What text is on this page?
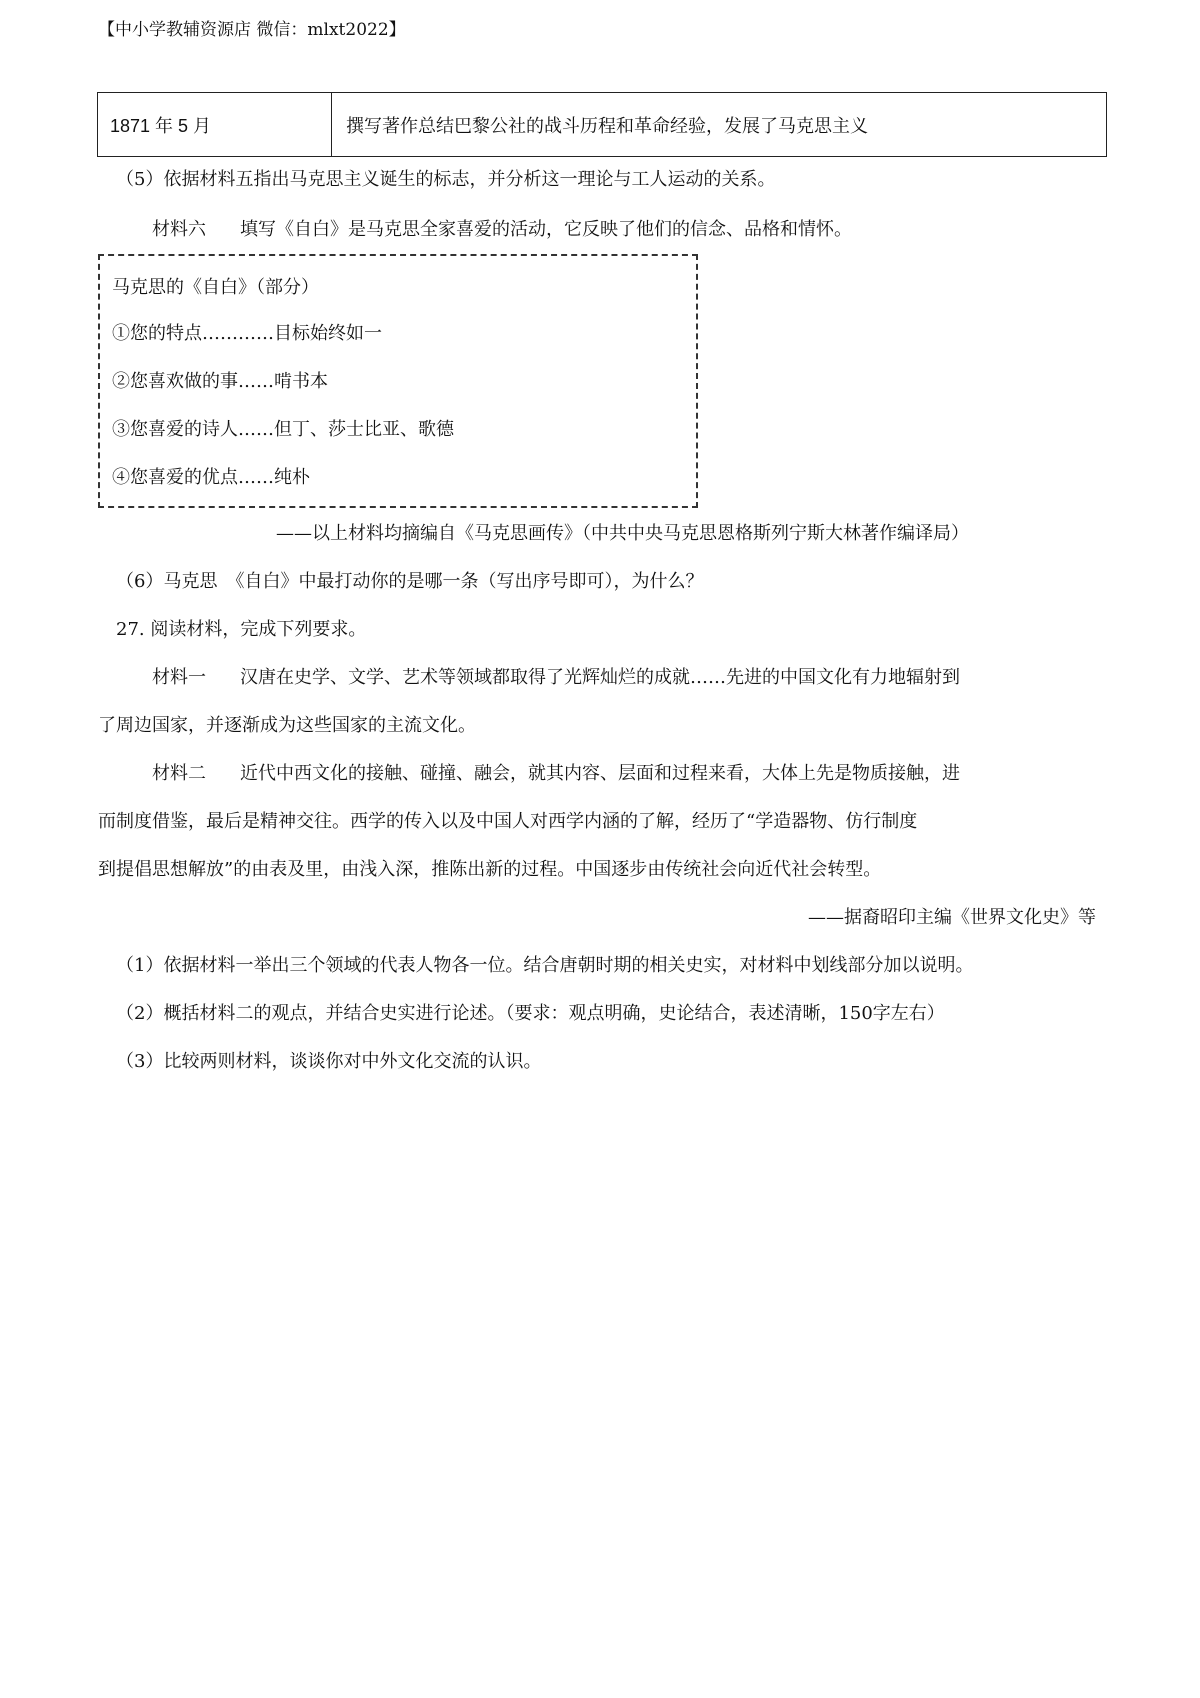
【中小学教辅资源店 微信：mlxt2022】
1871 年 5 月	撰写著作总结巴黎公社的战斗历程和革命经验，发展了马克思主义
（5）依据材料五指出马克思主义诞生的标志，并分析这一理论与工人运动的关系。
材料六 填写《自白》是马克思全家喜爱的活动，它反映了他们的信念、品格和情怀。
马克思的《自白》（部分）
①您的特点…………目标始终如一
②您喜欢做的事……啃书本
③您喜爱的诗人……但丁、莎士比亚、歌德
④您喜爱的优点……纯朴
——以上材料均摘编自《马克思画传》（中共中央马克思恩格斯列宁斯大林著作编译局）
（6）马克思　《自白》中最打动你的是哪一条（写出序号即可），为什么？
27. 阅读材料，完成下列要求。
材料一 汉唐在史学、文学、艺术等领域都取得了光辉灿烂的成就……先进的中国文化有力地辐射到
了周边国家，并逐渐成为这些国家的主流文化。
材料二 近代中西文化的接触、碰撞、融会，就其内容、层面和过程来看，大体上先是物质接触，进
而制度借鉴，最后是精神交往。西学的传入以及中国人对西学内涵的了解，经历了“学造器物、仿行制度
到提倡思想解放”的由表及里，由浅入深，推陈出新的过程。中国逐步由传统社会向近代社会转型。
——据裔昭印主编《世界文化史》等
（1）依据材料一举出三个领域的代表人物各一位。结合唐朝时期的相关史实，对材料中划线部分加以说明。
（2）概括材料二的观点，并结合史实进行论述。（要求：观点明确，史论结合，表述清晰，150字左右）
（3）比较两则材料，谈谈你对中外文化交流的认识。
